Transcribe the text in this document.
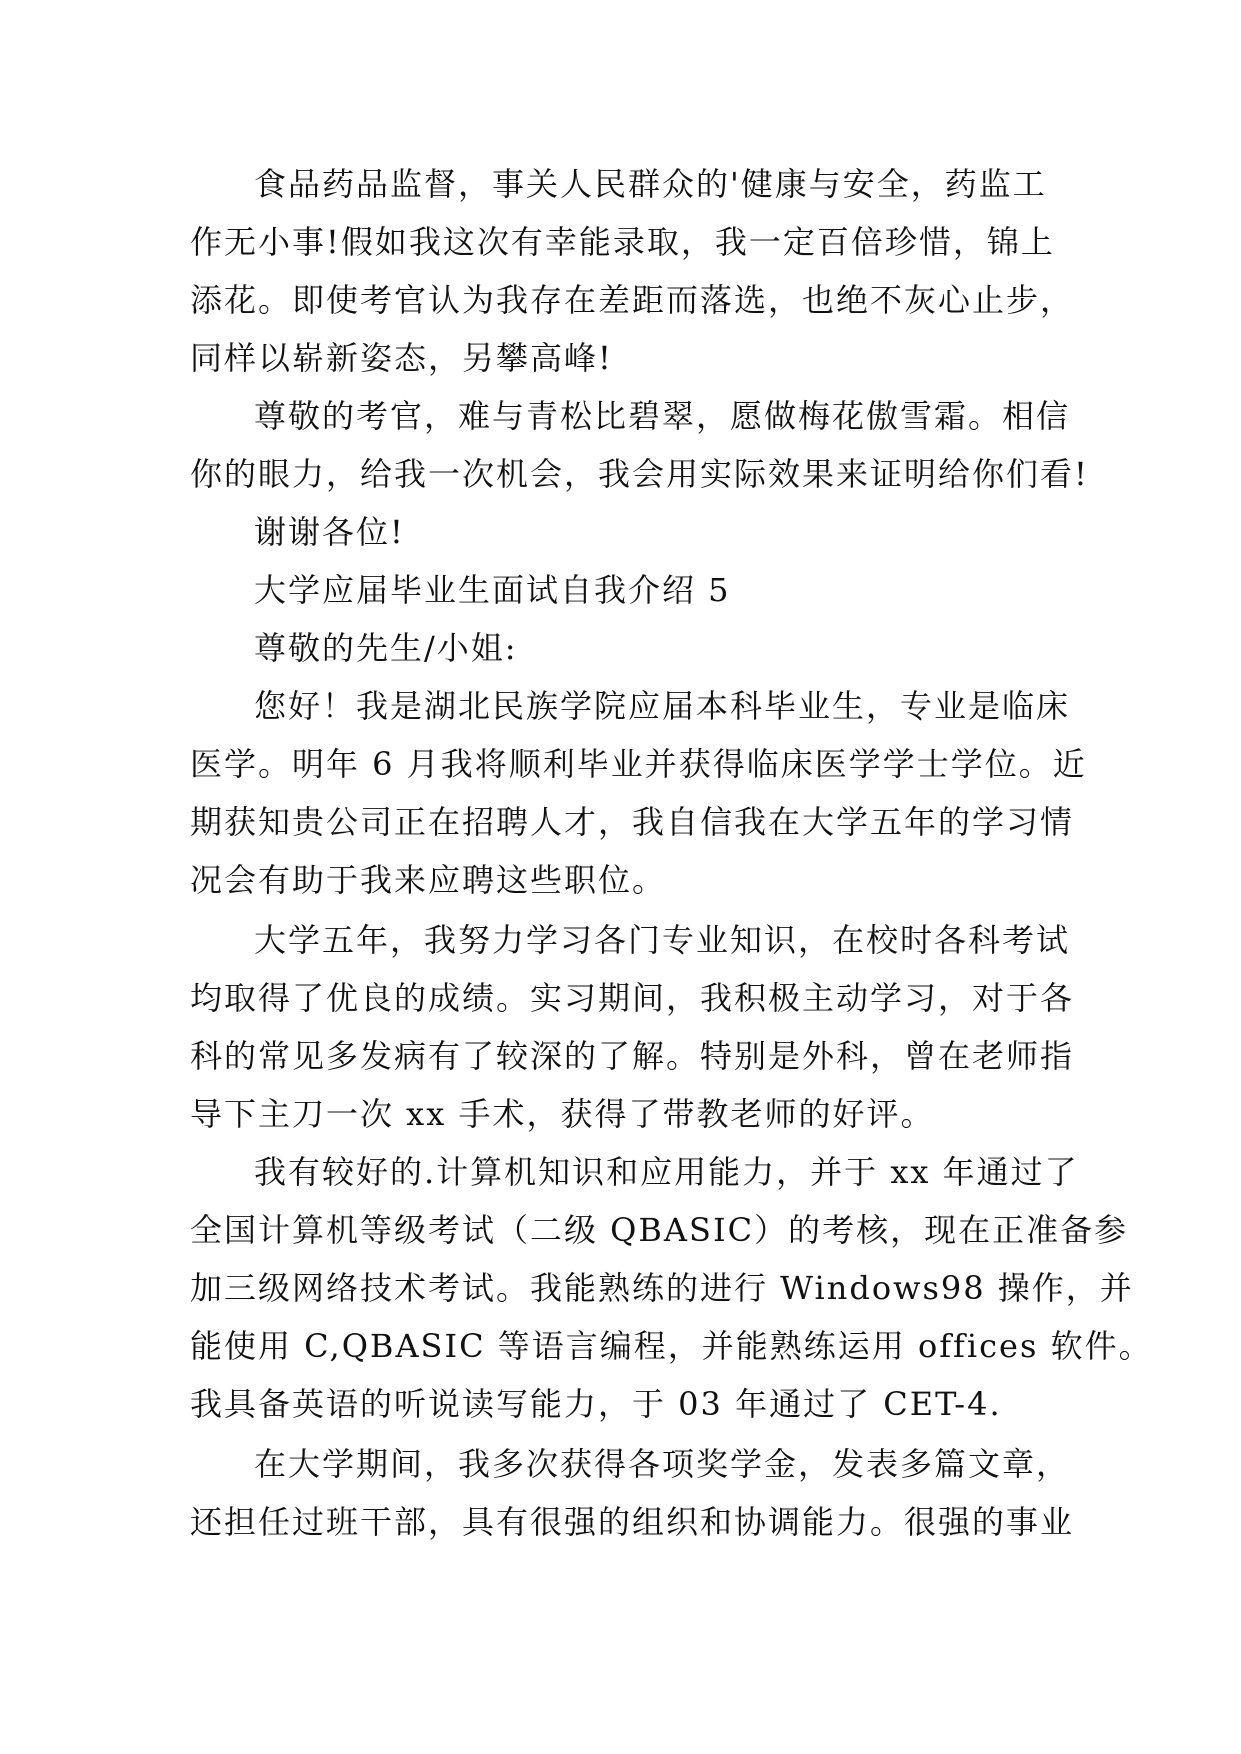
食品药品监督，事关人民群众的'健康与安全，药监工
作无小事!假如我这次有幸能录取，我一定百倍珍惜，锦上
添花。即使考官认为我存在差距而落选，也绝不灰心止步，
同样以崭新姿态，另攀高峰!
尊敬的考官，难与青松比碧翠，愿做梅花傲雪霜。相信
你的眼力，给我一次机会，我会用实际效果来证明给你们看!
谢谢各位!
大学应届毕业生面试自我介绍 5
尊敬的先生/小姐:
您好！我是湖北民族学院应届本科毕业生，专业是临床
医学。明年 6 月我将顺利毕业并获得临床医学学士学位。近
期获知贵公司正在招聘人才，我自信我在大学五年的学习情
况会有助于我来应聘这些职位。
大学五年，我努力学习各门专业知识，在校时各科考试
均取得了优良的成绩。实习期间，我积极主动学习，对于各
科的常见多发病有了较深的了解。特别是外科，曾在老师指
导下主刀一次 xx 手术，获得了带教老师的好评。
我有较好的.计算机知识和应用能力，并于 xx 年通过了
全国计算机等级考试（二级 QBASIC）的考核，现在正准备参
加三级网络技术考试。我能熟练的进行 Windows98 操作，并
能使用 C,QBASIC 等语言编程，并能熟练运用 offices 软件。
我具备英语的听说读写能力，于 03 年通过了 CET-4.
在大学期间，我多次获得各项奖学金，发表多篇文章，
还担任过班干部，具有很强的组织和协调能力。很强的事业
